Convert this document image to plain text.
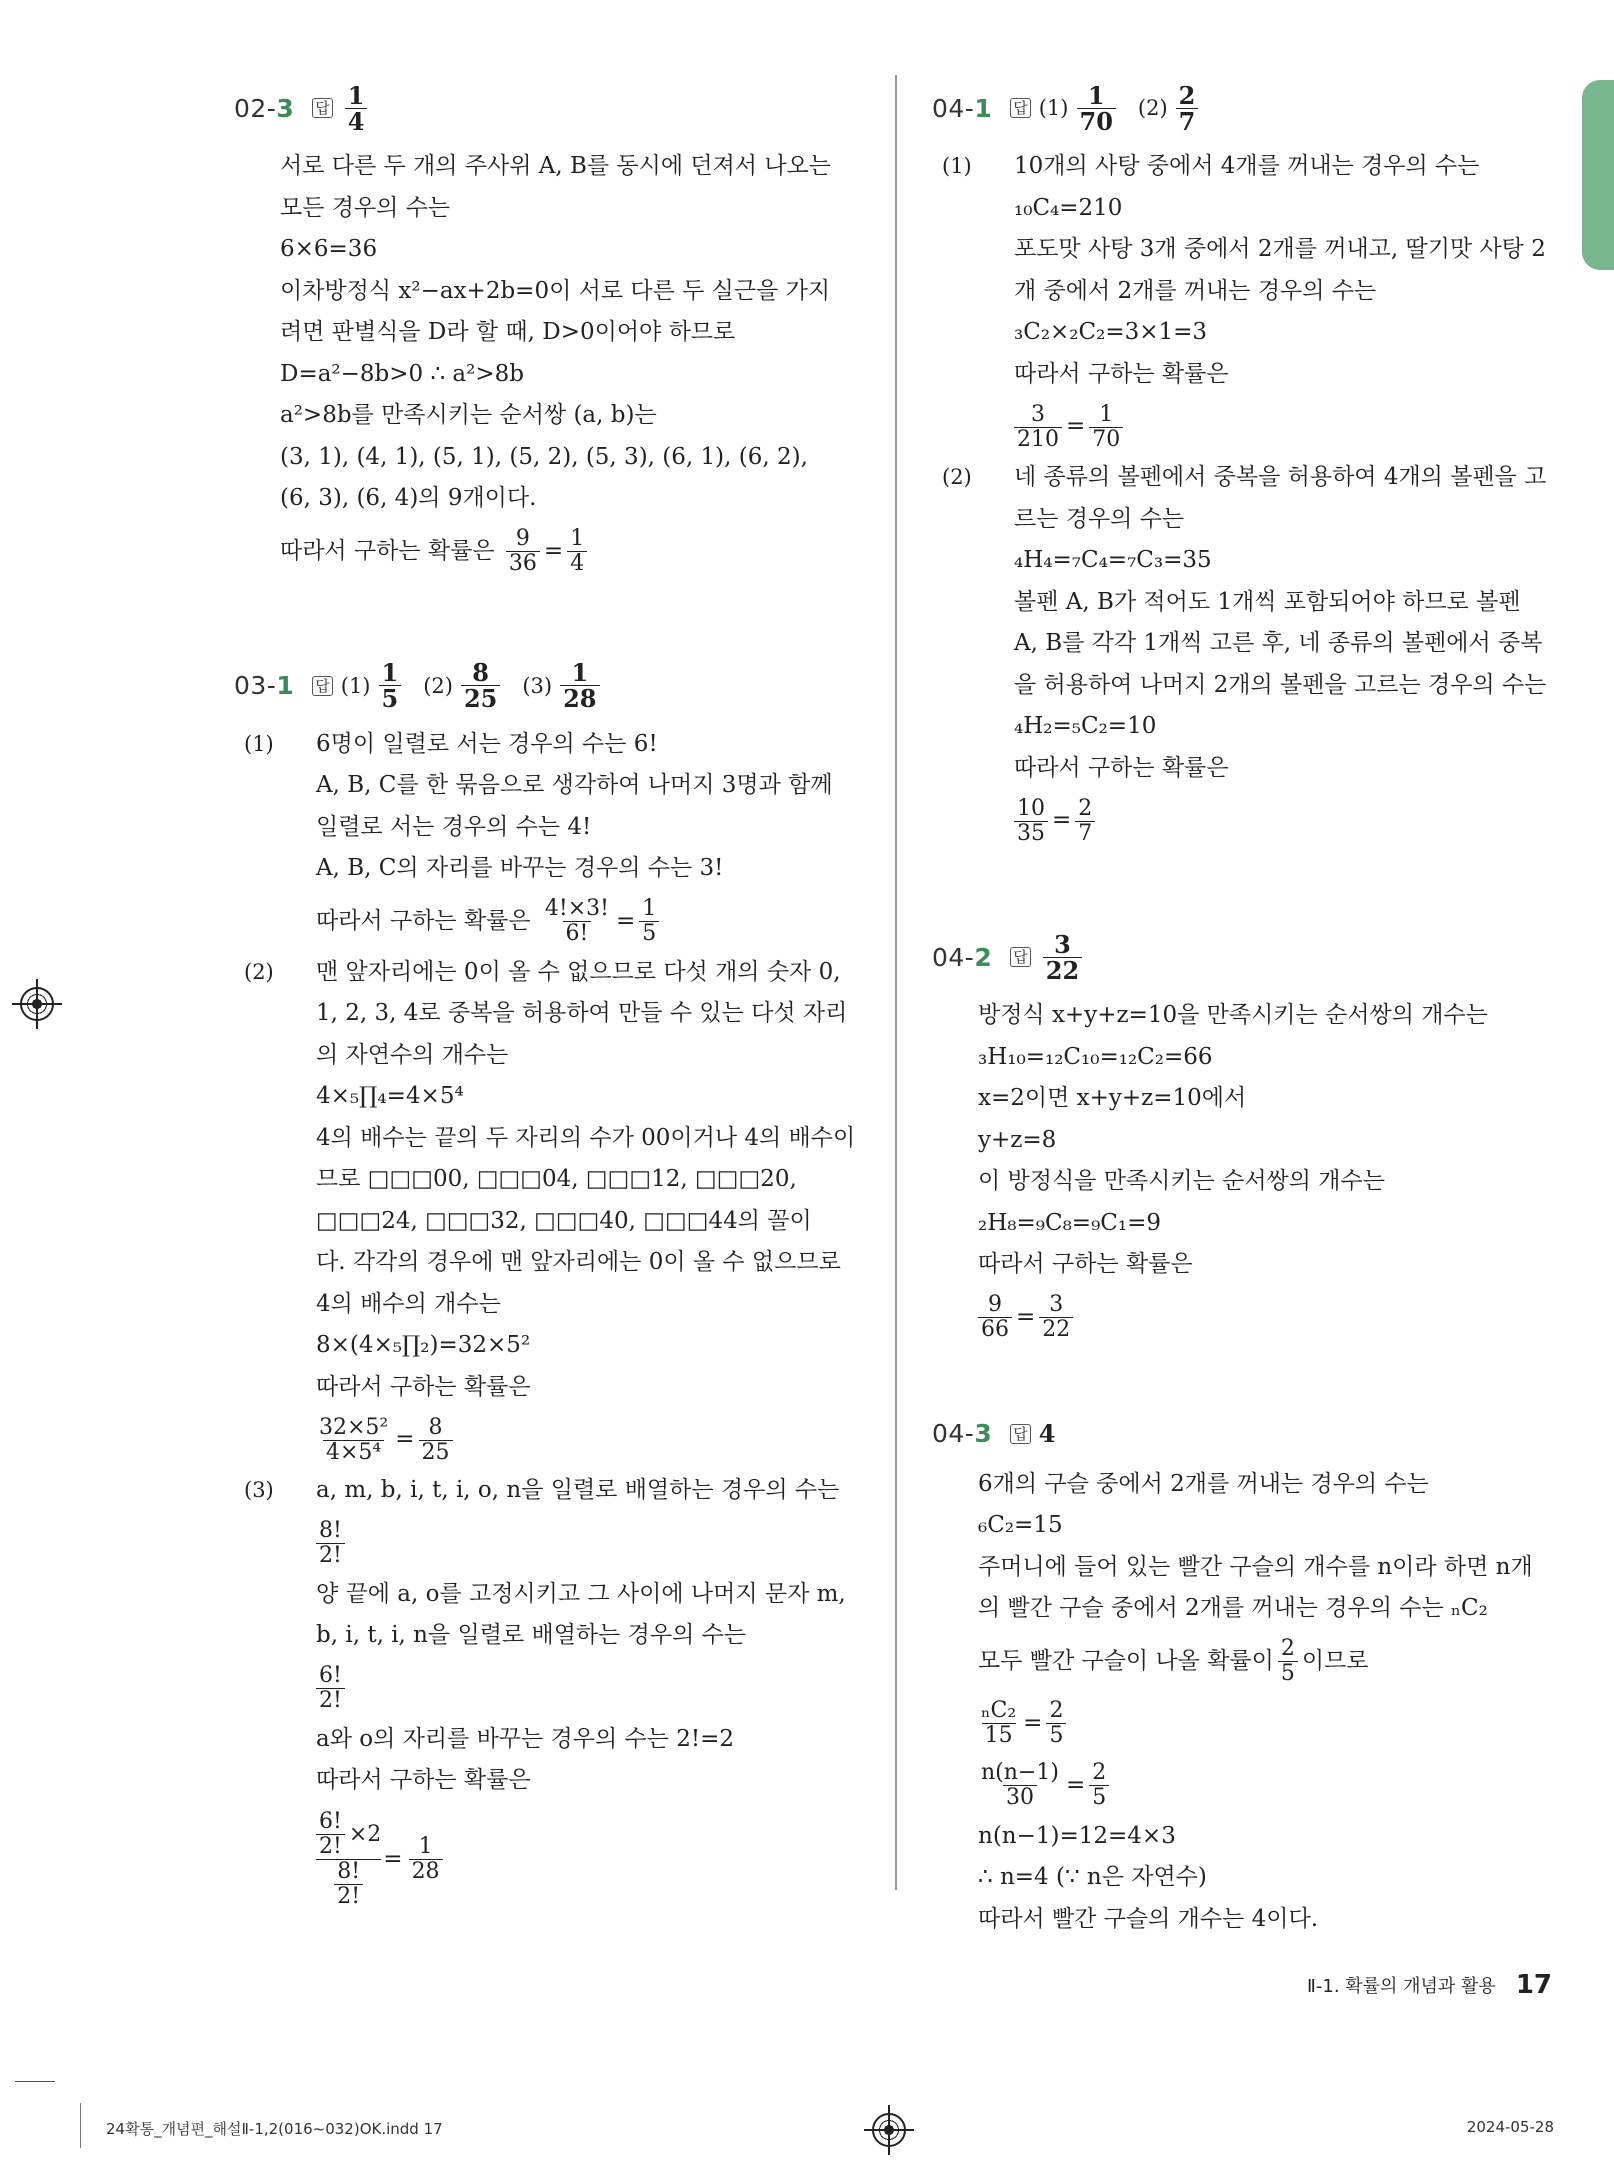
02-3 답 $\frac{1}{4}$
서로 다른 두 개의 주사위 A, B를 동시에 던져서 나오는
모든 경우의 수는
6×6=36
이차방정식 x²−ax+2b=0이 서로 다른 두 실근을 가지
려면 판별식을 D라 할 때, D>0이어야 하므로
D=a²−8b>0 ∴ a²>8b
a²>8b를 만족시키는 순서쌍 (a, b)는
(3, 1), (4, 1), (5, 1), (5, 2), (5, 3), (6, 1), (6, 2),
(6, 3), (6, 4)의 9개이다.
따라서 구하는 확률은 $\frac{9}{36} = \frac{1}{4}$
03-1 답 $(1) \frac{1}{5} (2) \frac{8}{25} (3) \frac{1}{28}$
(1) 6명이 일렬로 서는 경우의 수는 6!
A, B, C를 한 묶음으로 생각하여 나머지 3명과 함께
일렬로 서는 경우의 수는 4!
A, B, C의 자리를 바꾸는 경우의 수는 3!
따라서 구하는 확률은 $\frac{4!\times 3!}{6!} = \frac{1}{5}$
(2) 맨 앞자리에는 0이 올 수 없으므로 다섯 개의 숫자 0,
1, 2, 3, 4로 중복을 허용하여 만들 수 있는 다섯 자리
의 자연수의 개수는
4×₅∏₄=4×5⁴
4의 배수는 끝의 두 자리의 수가 00이거나 4의 배수이
므로 □□□00, □□□04, □□□12, □□□20,
□□□24, □□□32, □□□40, □□□44의 꼴이
다. 각각의 경우에 맨 앞자리에는 0이 올 수 없으므로
4의 배수의 개수는
8×(4×₅∏₂)=32×5²
따라서 구하는 확률은
$\frac{\text{32×5²}}{\text{4×5⁴}} = \frac{8}{25}$
(3) a, m, b, i, t, i, o, n을 일렬로 배열하는 경우의 수는
$\frac{8!}{2!}$
양 끝에 a, o를 고정시키고 그 사이에 나머지 문자 m,
b, i, t, i, n을 일렬로 배열하는 경우의 수는
$\frac{6!}{2!}$
a와 o의 자리를 바꾸는 경우의 수는 2!=2
따라서 구하는 확률은
$\frac{\frac{6!}{2!} \times 2}{\frac{8!}{2!}} = \frac{1}{28}$
04-1 답 $(1) \frac{1}{70} (2) \frac{2}{7}$
(1) 10개의 사탕 중에서 4개를 꺼내는 경우의 수는
₁₀C₄=210
포도맛 사탕 3개 중에서 2개를 꺼내고, 딸기맛 사탕 2
개 중에서 2개를 꺼내는 경우의 수는
₃C₂×₂C₂=3×1=3
따라서 구하는 확률은
$\frac{3}{210} = \frac{1}{70}$
(2) 네 종류의 볼펜에서 중복을 허용하여 4개의 볼펜을 고
르는 경우의 수는
₄H₄=₇C₄=₇C₃=35
볼펜 A, B가 적어도 1개씩 포함되어야 하므로 볼펜
A, B를 각각 1개씩 고른 후, 네 종류의 볼펜에서 중복
을 허용하여 나머지 2개의 볼펜을 고르는 경우의 수는
₄H₂=₅C₂=10
따라서 구하는 확률은
$\frac{10}{35} = \frac{2}{7}$
04-2 답 $\frac{3}{22}$
방정식 x+y+z=10을 만족시키는 순서쌍의 개수는
₃H₁₀=₁₂C₁₀=₁₂C₂=66
x=2이면 x+y+z=10에서
y+z=8
이 방정식을 만족시키는 순서쌍의 개수는
₂H₈=₉C₈=₉C₁=9
따라서 구하는 확률은
$\frac{9}{66} = \frac{3}{22}$
04-3 답 4
6개의 구슬 중에서 2개를 꺼내는 경우의 수는
₆C₂=15
주머니에 들어 있는 빨간 구슬의 개수를 n이라 하면 n개
의 빨간 구슬 중에서 2개를 꺼내는 경우의 수는 ₙC₂
모두 빨간 구슬이 나올 확률이 $\frac{2}{5}$ 이므로
$\frac{\text{ₙC₂}}{15} = \frac{2}{5}$
$\frac{n(n-1)}{30} = \frac{2}{5}$
n(n−1)=12=4×3
∴ n=4 (∵ n은 자연수)
따라서 빨간 구슬의 개수는 4이다.
Ⅱ-1. 확률의 개념과 활용 17
24확통_개념편_해설Ⅱ-1,2(016~032)OK.indd 17	2024-05-28
